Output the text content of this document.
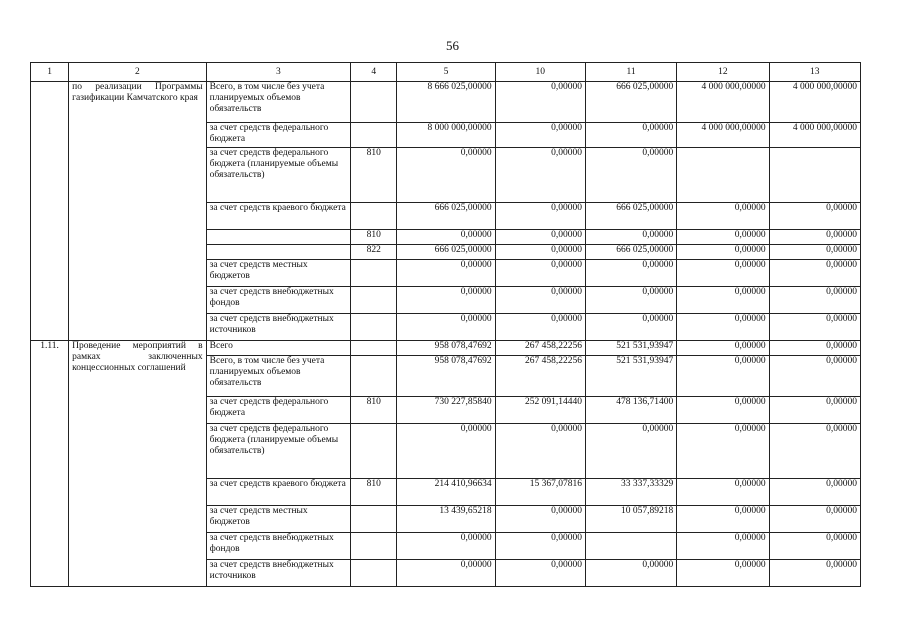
56
1	2	3	4	5	10	11	12	13
	по реализации Программы газификации Камчатского края	Всего, в том числе без учета планируемых объемов обязательств		8 666 025,00000	0,00000	666 025,00000	4 000 000,00000	4 000 000,00000
		за счет средств федерального бюджета		8 000 000,00000	0,00000	0,00000	4 000 000,00000	4 000 000,00000
		за счет средств федерального бюджета (планируемые объемы обязательств)	810	0,00000	0,00000	0,00000		
		за счет средств краевого бюджета		666 025,00000	0,00000	666 025,00000	0,00000	0,00000
			810	0,00000	0,00000	0,00000	0,00000	0,00000
			822	666 025,00000	0,00000	666 025,00000	0,00000	0,00000
		за счет средств местных бюджетов		0,00000	0,00000	0,00000	0,00000	0,00000
		за счет средств внебюджетных фондов		0,00000	0,00000	0,00000	0,00000	0,00000
		за счет средств внебюджетных источников		0,00000	0,00000	0,00000	0,00000	0,00000
1.11.	Проведение мероприятий в рамках заключенных концессионных соглашений	Всего		958 078,47692	267 458,22256	521 531,93947	0,00000	0,00000
		Всего, в том числе без учета планируемых объемов обязательств		958 078,47692	267 458,22256	521 531,93947	0,00000	0,00000
		за счет средств федерального бюджета	810	730 227,85840	252 091,14440	478 136,71400	0,00000	0,00000
		за счет средств федерального бюджета (планируемые объемы обязательств)		0,00000	0,00000	0,00000	0,00000	0,00000
		за счет средств краевого бюджета	810	214 410,96634	15 367,07816	33 337,33329	0,00000	0,00000
		за счет средств местных бюджетов		13 439,65218	0,00000	10 057,89218	0,00000	0,00000
		за счет средств внебюджетных фондов		0,00000	0,00000		0,00000	0,00000
		за счет средств внебюджетных источников		0,00000	0,00000	0,00000	0,00000	0,00000
